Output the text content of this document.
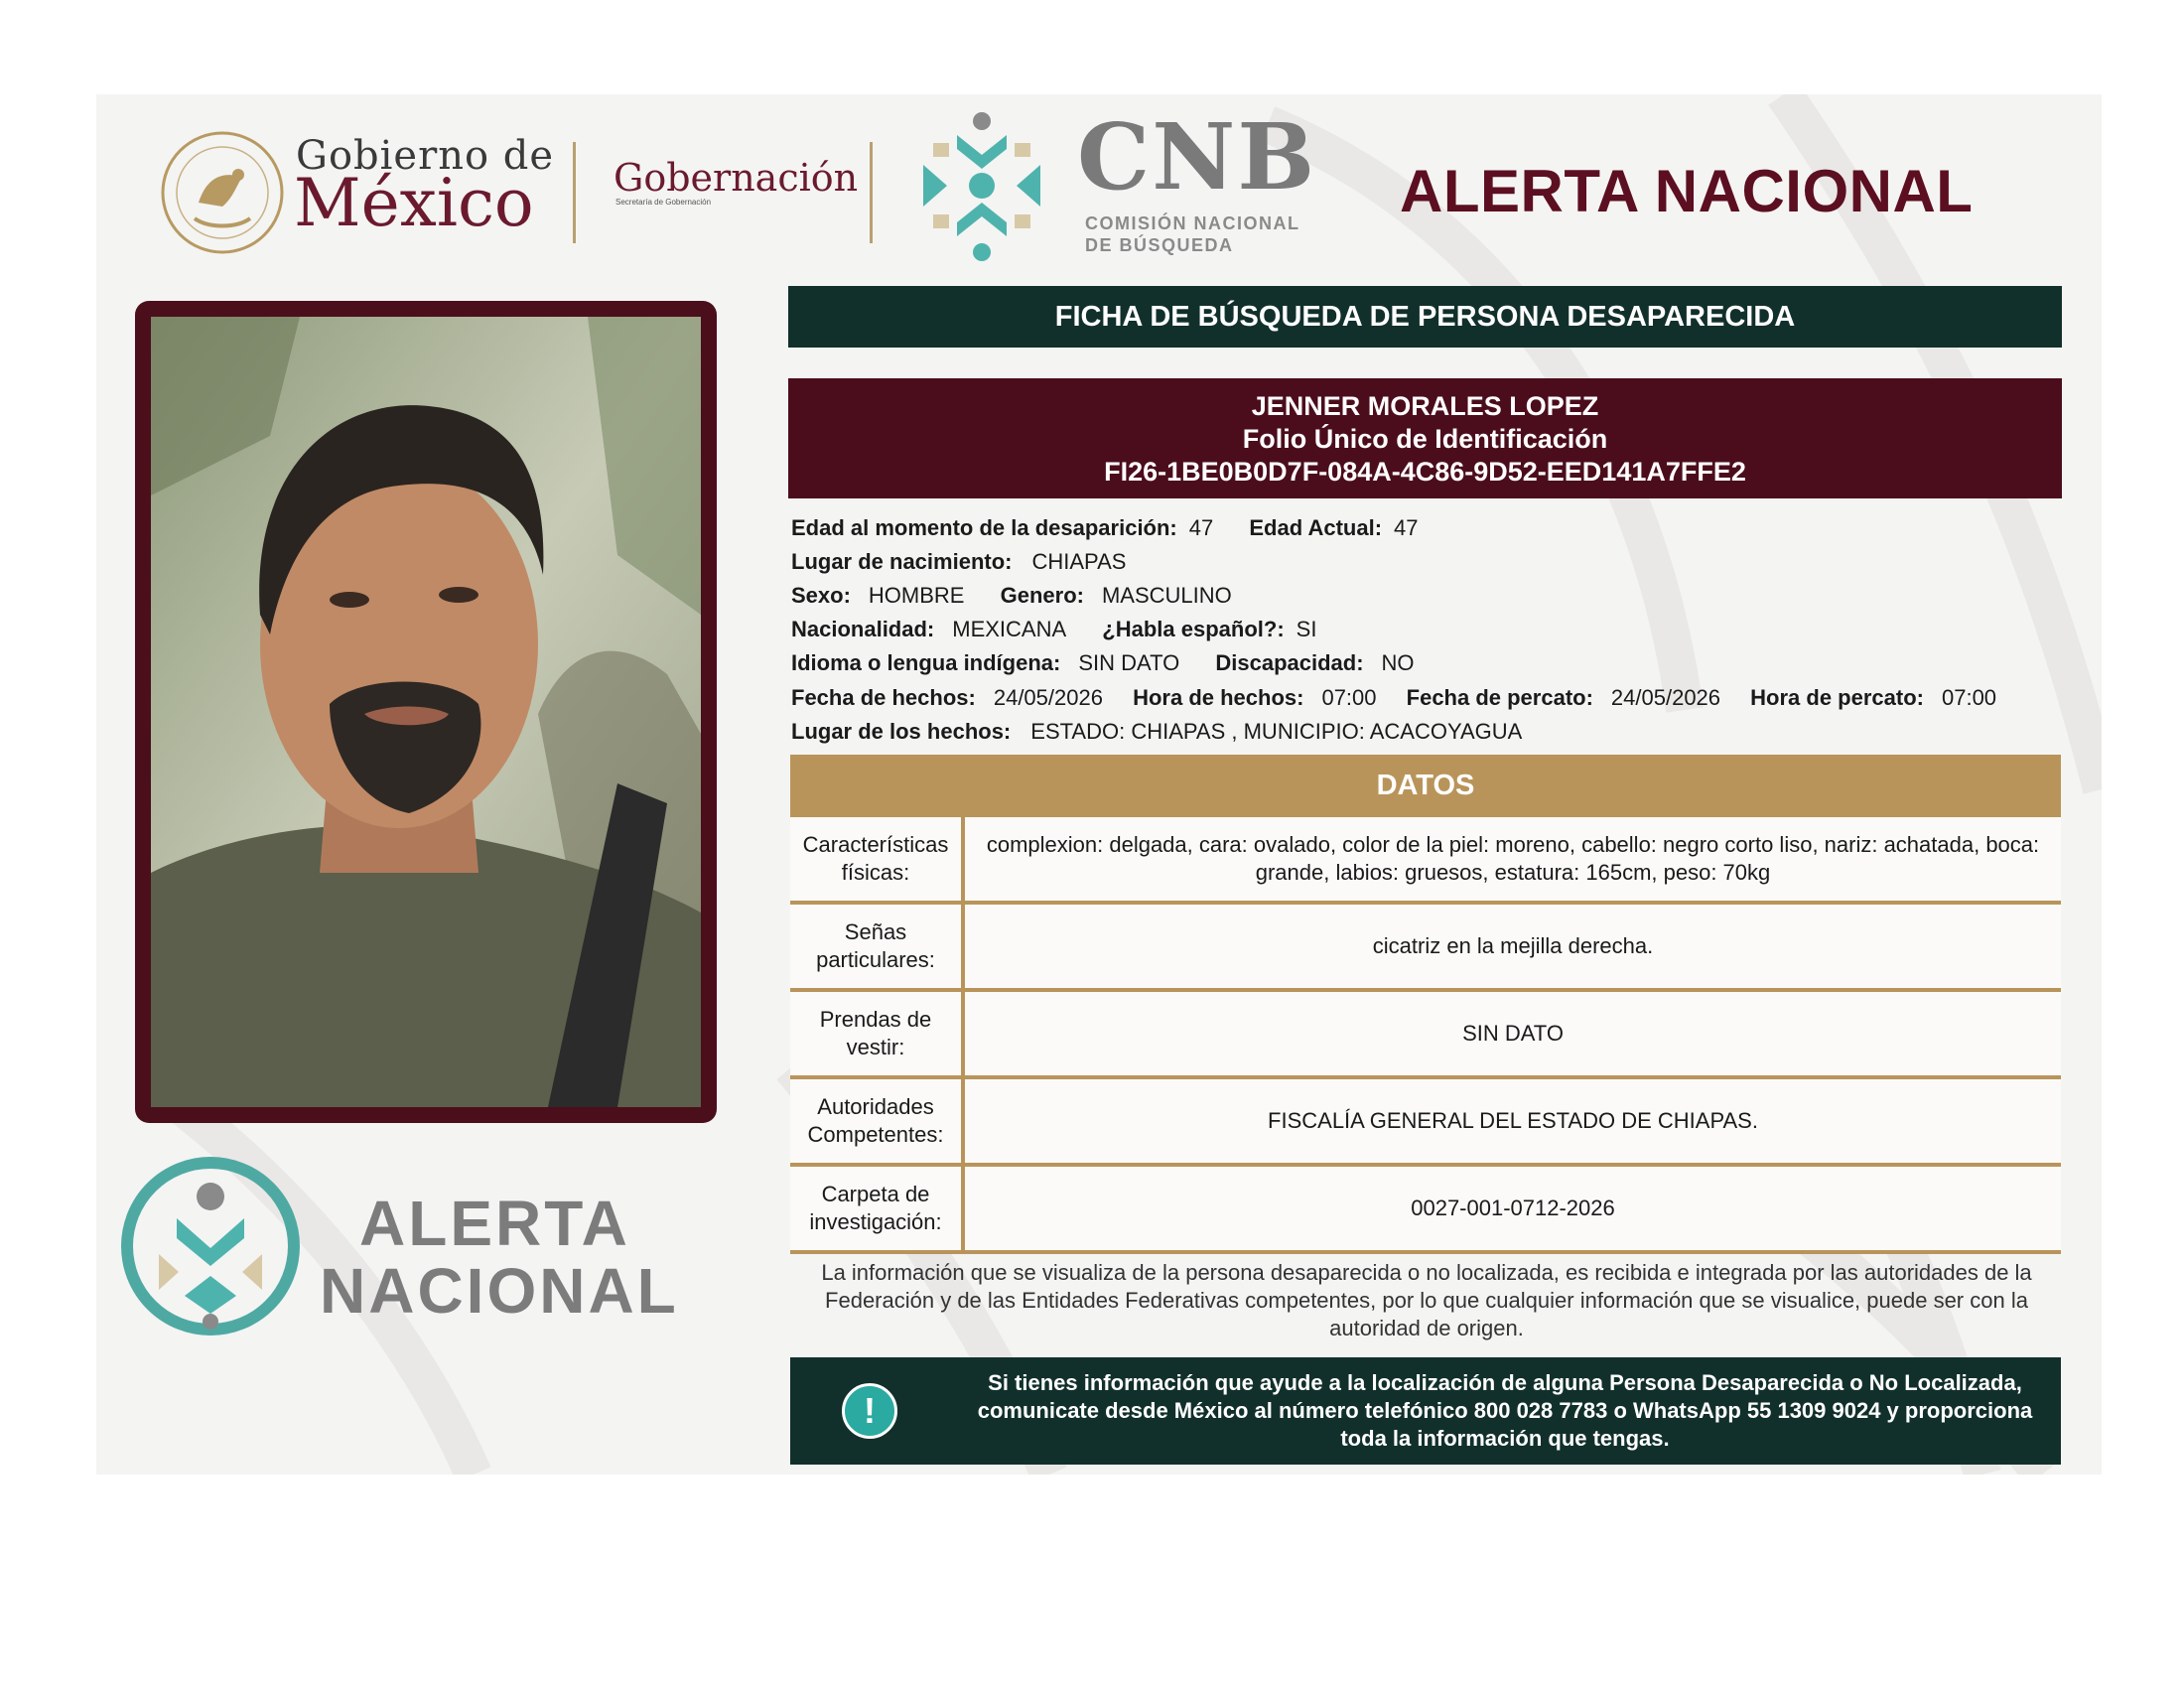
Gobierno de
México Gobernación
Secretaría de Gobernación	CNB
COMISIÓN NACIONAL
DE BÚSQUEDA
ALERTA NACIONAL
ALERTA
NACIONAL
FICHA DE BÚSQUEDA DE PERSONA DESAPARECIDA
JENNER MORALES LOPEZ
Folio Único de Identificación
FI26-1BE0B0D7F-084A-4C86-9D52-EED141A7FFE2
Edad al momento de la desaparición: 47 Edad Actual: 47
Lugar de nacimiento: CHIAPAS
Sexo: HOMBRE Genero: MASCULINO
Nacionalidad: MEXICANA ¿Habla español?: SI
Idioma o lengua indígena: SIN DATO Discapacidad: NO
Fecha de hechos: 24/05/2026 Hora de hechos: 07:00 Fecha de percato: 24/05/2026 Hora de percato: 07:00
Lugar de los hechos: ESTADO: CHIAPAS , MUNICIPIO: ACACOYAGUA
DATOS
Características físicas:
complexion: delgada, cara: ovalado, color de la piel: moreno, cabello: negro corto liso, nariz: achatada, boca: grande, labios: gruesos, estatura: 165cm, peso: 70kg
Señas particulares:
cicatriz en la mejilla derecha.
Prendas de vestir:
SIN DATO
Autoridades Competentes:
FISCALÍA GENERAL DEL ESTADO DE CHIAPAS.
Carpeta de investigación:
0027-001-0712-2026
La información que se visualiza de la persona desaparecida o no localizada, es recibida e integrada por las autoridades de la Federación y de las Entidades Federativas competentes, por lo que cualquier información que se visualice, puede ser con la autoridad de origen.
!
Si tienes información que ayude a la localización de alguna Persona Desaparecida o No Localizada, comunicate desde México al número telefónico 800 028 7783 o WhatsApp 55 1309 9024 y proporciona toda la información que tengas.
